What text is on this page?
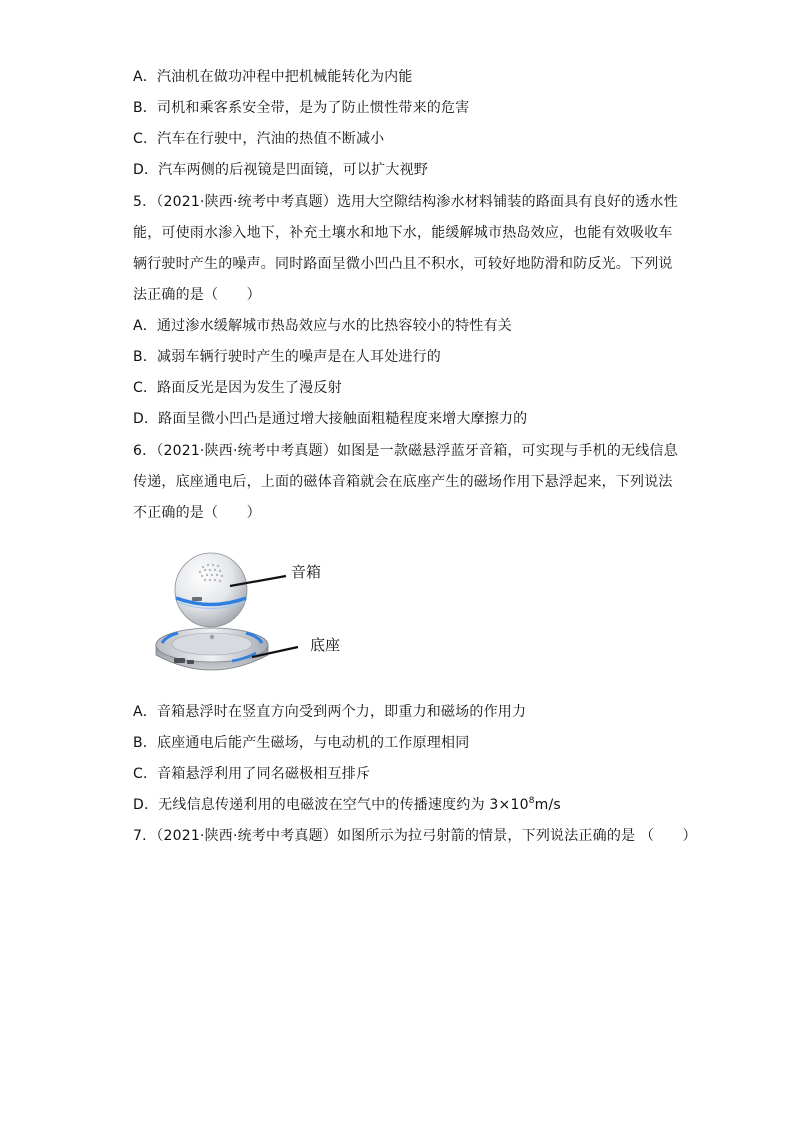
A．汽油机在做功冲程中把机械能转化为内能
B．司机和乘客系安全带，是为了防止惯性带来的危害
C．汽车在行驶中，汽油的热值不断减小
D．汽车两侧的后视镜是凹面镜，可以扩大视野
5．（2021·陕西·统考中考真题）选用大空隙结构渗水材料铺装的路面具有良好的透水性
能，可使雨水渗入地下，补充土壤水和地下水，能缓解城市热岛效应，也能有效吸收车
辆行驶时产生的噪声。同时路面呈微小凹凸且不积水，可较好地防滑和防反光。下列说
法正确的是（　　）
A．通过渗水缓解城市热岛效应与水的比热容较小的特性有关
B．减弱车辆行驶时产生的噪声是在人耳处进行的
C．路面反光是因为发生了漫反射
D．路面呈微小凹凸是通过增大接触面粗糙程度来增大摩擦力的
6．（2021·陕西·统考中考真题）如图是一款磁悬浮蓝牙音箱，可实现与手机的无线信息
传递，底座通电后，上面的磁体音箱就会在底座产生的磁场作用下悬浮起来，下列说法
不正确的是（　　）
音箱
底座
A．音箱悬浮时在竖直方向受到两个力，即重力和磁场的作用力
B．底座通电后能产生磁场，与电动机的工作原理相同
C．音箱悬浮利用了同名磁极相互排斥
D．无线信息传递利用的电磁波在空气中的传播速度约为 $3\times 10^8m/s$
7．（2021·陕西·统考中考真题）如图所示为拉弓射箭的情景，下列说法正确的是 （　　）
